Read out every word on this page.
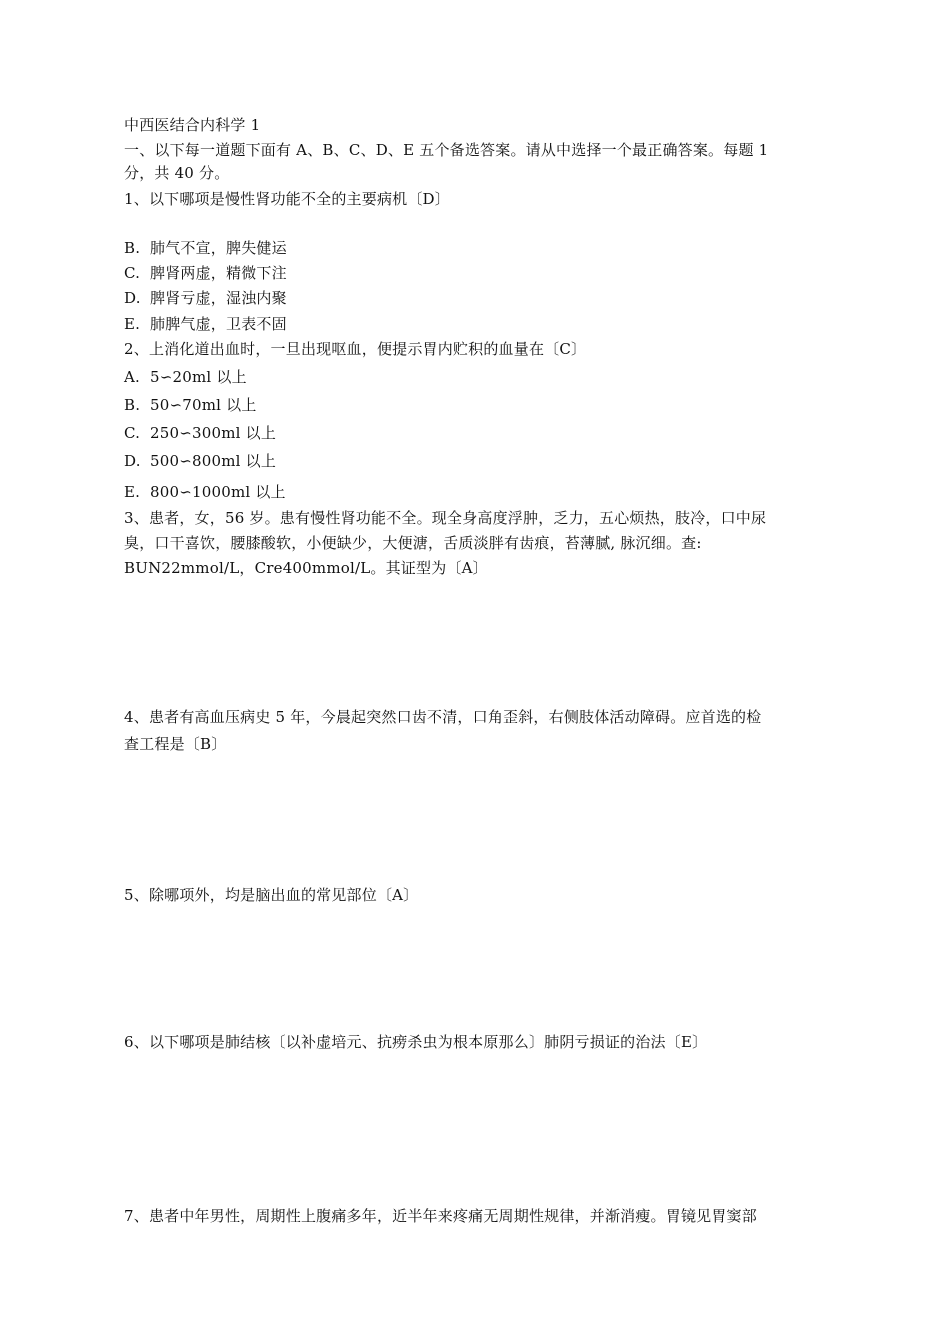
中西医结合内科学 1
一、以下每一道题下面有 A、B、C、D、E 五个备选答案。请从中选择一个最正确答案。每题 1
分，共 40 分。
1、以下哪项是慢性肾功能不全的主要病机〔D〕
B. 肺气不宣，脾失健运
C. 脾肾两虚，精微下注
D. 脾肾亏虚，湿浊内聚
E. 肺脾气虚，卫表不固
2、上消化道出血时，一旦出现呕血，便提示胃内贮积的血量在〔C〕
A. 5∽20ml 以上
B. 50∽70ml 以上
C. 250∽300ml 以上
D. 500∽800ml 以上
E. 800∽1000ml 以上
3、患者，女，56 岁。患有慢性肾功能不全。现全身高度浮肿，乏力，五心烦热，肢冷，口中尿
臭，口干喜饮，腰膝酸软，小便缺少，大便溏，舌质淡胖有齿痕，苔薄腻, 脉沉细。查:
BUN22mmol/L，Cre400mmol/L。其证型为〔A〕
4、患者有高血压病史 5 年，今晨起突然口齿不清，口角歪斜，右侧肢体活动障碍。应首选的检
查工程是〔B〕
5、除哪项外，均是脑出血的常见部位〔A〕
6、以下哪项是肺结核〔以补虚培元、抗痨杀虫为根本原那么〕肺阴亏损证的治法〔E〕
7、患者中年男性，周期性上腹痛多年，近半年来疼痛无周期性规律，并渐消瘦。胃镜见胃窦部
